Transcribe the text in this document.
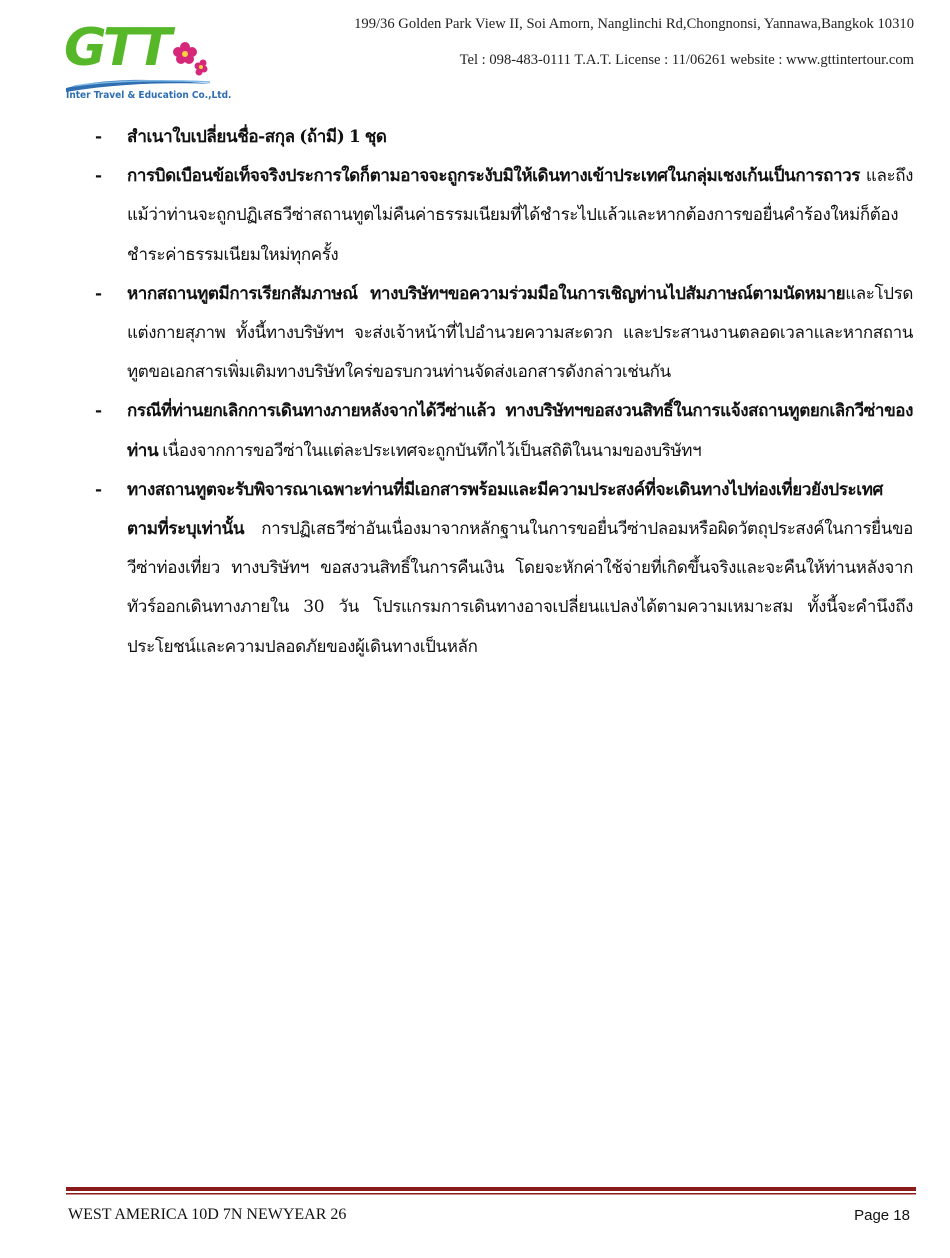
GTT
Inter Travel & Education Co.,Ltd.
199/36 Golden Park View II, Soi Amorn, Nanglinchi Rd,Chongnonsi, Yannawa,Bangkok 10310
Tel : 098-483-0111 T.A.T. License : 11/06261 website : www.gttintertour.com
-	สำเนาใบเปลี่ยนชื่อ-สกุล (ถ้ามี) 1 ชุด
-	การบิดเบือนข้อเท็จจริงประการใดก็ตามอาจจะถูกระงับมิให้เดินทางเข้าประเทศในกลุ่มเชงเก้นเป็นการถาวร และถึงแม้ว่าท่านจะถูกปฏิเสธวีซ่าสถานทูตไม่คืนค่าธรรมเนียมที่ได้ชำระไปแล้วและหากต้องการขอยื่นคำร้องใหม่ก็ต้องชำระค่าธรรมเนียมใหม่ทุกครั้ง
-	หากสถานทูตมีการเรียกสัมภาษณ์ ทางบริษัทฯขอความร่วมมือในการเชิญท่านไปสัมภาษณ์ตามนัดหมายและโปรดแต่งกายสุภาพ ทั้งนี้ทางบริษัทฯ จะส่งเจ้าหน้าที่ไปอำนวยความสะดวก และประสานงานตลอดเวลาและหากสถานทูตขอเอกสารเพิ่มเติมทางบริษัทใคร่ขอรบกวนท่านจัดส่งเอกสารดังกล่าวเช่นกัน
-	กรณีที่ท่านยกเลิกการเดินทางภายหลังจากได้วีซ่าแล้ว ทางบริษัทฯขอสงวนสิทธิ์ในการแจ้งสถานทูตยกเลิกวีซ่าของท่าน เนื่องจากการขอวีซ่าในแต่ละประเทศจะถูกบันทึกไว้เป็นสถิติในนามของบริษัทฯ
-	ทางสถานทูตจะรับพิจารณาเฉพาะท่านที่มีเอกสารพร้อมและมีความประสงค์ที่จะเดินทางไปท่องเที่ยวยังประเทศตามที่ระบุเท่านั้น การปฏิเสธวีซ่าอันเนื่องมาจากหลักฐานในการขอยื่นวีซ่าปลอมหรือผิดวัตถุประสงค์ในการยื่นขอวีซ่าท่องเที่ยว ทางบริษัทฯ ขอสงวนสิทธิ์ในการคืนเงิน โดยจะหักค่าใช้จ่ายที่เกิดขึ้นจริงและจะคืนให้ท่านหลังจากทัวร์ออกเดินทางภายใน 30 วัน โปรแกรมการเดินทางอาจเปลี่ยนแปลงได้ตามความเหมาะสม ทั้งนี้จะคำนึงถึงประโยชน์และความปลอดภัยของผู้เดินทางเป็นหลัก
WEST AMERICA 10D 7N NEWYEAR 26	Page 18
